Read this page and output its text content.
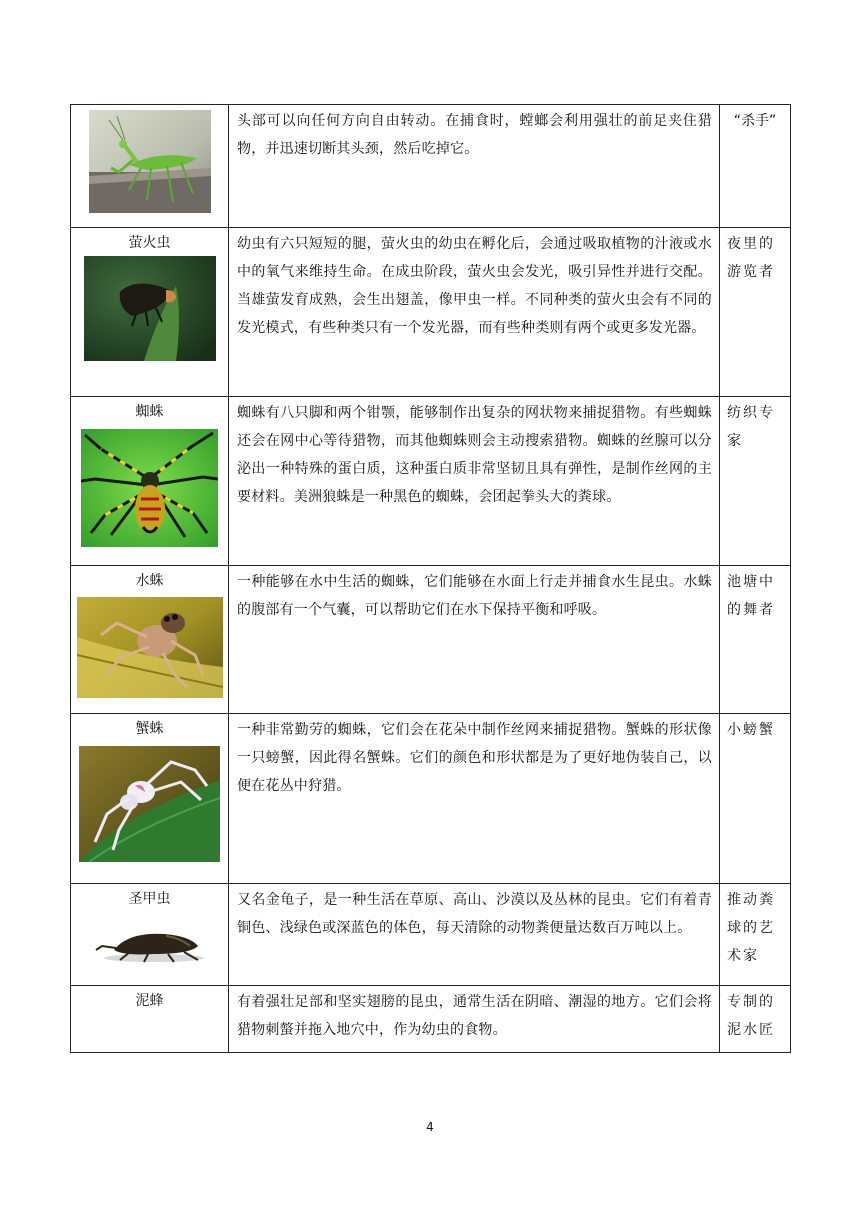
头部可以向任何方向自由转动。在捕食时，螳螂会利用强壮的前足夹住猎物，并迅速切断其头颈，然后吃掉它。	“杀手”

萤火虫	幼虫有六只短短的腿，萤火虫的幼虫在孵化后，会通过吸取植物的汁液或水中的氧气来维持生命。在成虫阶段，萤火虫会发光，吸引异性并进行交配。当雄萤发育成熟，会生出翅盖，像甲虫一样。不同种类的萤火虫会有不同的发光模式，有些种类只有一个发光器，而有些种类则有两个或更多发光器。	夜里的游览者

蜘蛛	蜘蛛有八只脚和两个钳颚，能够制作出复杂的网状物来捕捉猎物。有些蜘蛛还会在网中心等待猎物，而其他蜘蛛则会主动搜索猎物。蜘蛛的丝腺可以分泌出一种特殊的蛋白质，这种蛋白质非常坚韧且具有弹性，是制作丝网的主要材料。美洲狼蛛是一种黑色的蜘蛛，会团起拳头大的粪球。	纺织专家

水蛛	一种能够在水中生活的蜘蛛，它们能够在水面上行走并捕食水生昆虫。水蛛的腹部有一个气囊，可以帮助它们在水下保持平衡和呼吸。	池塘中的舞者

蟹蛛	一种非常勤劳的蜘蛛，它们会在花朵中制作丝网来捕捉猎物。蟹蛛的形状像一只螃蟹，因此得名蟹蛛。它们的颜色和形状都是为了更好地伪装自己，以便在花丛中狩猎。	小螃蟹

圣甲虫	又名金龟子，是一种生活在草原、高山、沙漠以及丛林的昆虫。它们有着青铜色、浅绿色或深蓝色的体色，每天清除的动物粪便量达数百万吨以上。	推动粪球的艺术家

泥蜂	有着强壮足部和坚实翅膀的昆虫，通常生活在阴暗、潮湿的地方。它们会将猎物刺螫并拖入地穴中，作为幼虫的食物。	专制的泥水匠
4
